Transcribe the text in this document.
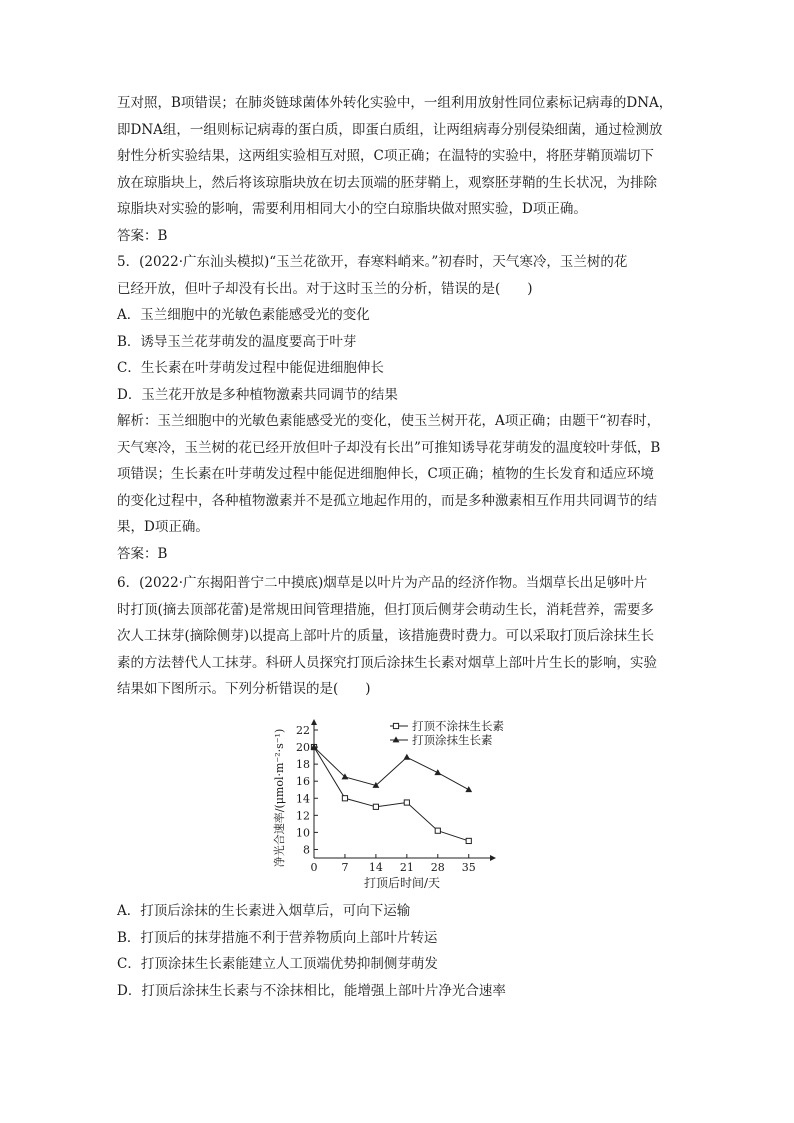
互对照，B项错误；在肺炎链球菌体外转化实验中，一组利用放射性同位素标记病毒的DNA，
即DNA组，一组则标记病毒的蛋白质，即蛋白质组，让两组病毒分别侵染细菌，通过检测放
射性分析实验结果，这两组实验相互对照，C项正确；在温特的实验中，将胚芽鞘顶端切下
放在琼脂块上，然后将该琼脂块放在切去顶端的胚芽鞘上，观察胚芽鞘的生长状况，为排除
琼脂块对实验的影响，需要利用相同大小的空白琼脂块做对照实验，D项正确。
答案：B
5．(2022·广东汕头模拟)“玉兰花欲开，春寒料峭来。”初春时，天气寒冷，玉兰树的花
已经开放，但叶子却没有长出。对于这时玉兰的分析，错误的是(　　)
A．玉兰细胞中的光敏色素能感受光的变化
B．诱导玉兰花芽萌发的温度要高于叶芽
C．生长素在叶芽萌发过程中能促进细胞伸长
D．玉兰花开放是多种植物激素共同调节的结果
解析：玉兰细胞中的光敏色素能感受光的变化，使玉兰树开花，A项正确；由题干“初春时，
天气寒冷，玉兰树的花已经开放但叶子却没有长出”可推知诱导花芽萌发的温度较叶芽低，B
项错误；生长素在叶芽萌发过程中能促进细胞伸长，C项正确；植物的生长发育和适应环境
的变化过程中，各种植物激素并不是孤立地起作用的，而是多种激素相互作用共同调节的结
果，D项正确。
答案：B
6．(2022·广东揭阳普宁二中摸底)烟草是以叶片为产品的经济作物。当烟草长出足够叶片
时打顶(摘去顶部花蕾)是常规田间管理措施，但打顶后侧芽会萌动生长，消耗营养，需要多
次人工抹芽(摘除侧芽)以提高上部叶片的质量，该措施费时费力。可以采取打顶后涂抹生长
素的方法替代人工抹芽。科研人员探究打顶后涂抹生长素对烟草上部叶片生长的影响，实验
结果如下图所示。下列分析错误的是(　　)
8
10
12
14
16
18
20
22
0 7 14 21 28 35
打顶后时间/天
净光合速率/(μmol·m⁻²·s⁻¹)
打顶不涂抹生长素
打顶涂抹生长素
A．打顶后涂抹的生长素进入烟草后，可向下运输
B．打顶后的抹芽措施不利于营养物质向上部叶片转运
C．打顶涂抹生长素能建立人工顶端优势抑制侧芽萌发
D．打顶后涂抹生长素与不涂抹相比，能增强上部叶片净光合速率
